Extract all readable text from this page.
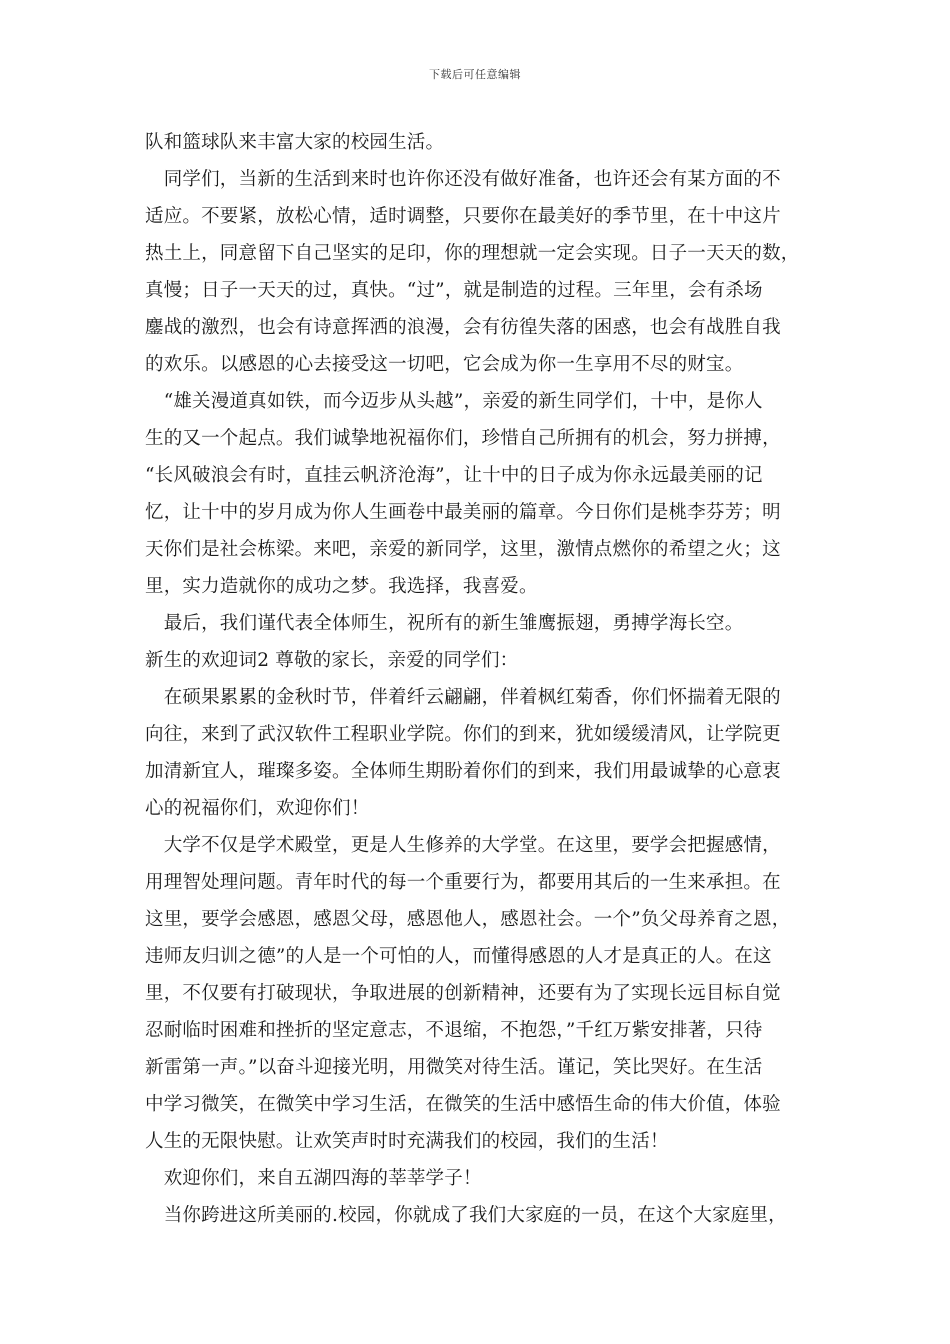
下载后可任意编辑
队和篮球队来丰富大家的校园生活。
　同学们，当新的生活到来时也许你还没有做好准备，也许还会有某方面的不
适应。不要紧，放松心情，适时调整，只要你在最美好的季节里，在十中这片
热土上，同意留下自己坚实的足印，你的理想就一定会实现。日子一天天的数，
真慢；日子一天天的过，真快。“过”，就是制造的过程。三年里，会有杀场
鏖战的激烈，也会有诗意挥洒的浪漫，会有彷徨失落的困惑，也会有战胜自我
的欢乐。以感恩的心去接受这一切吧，它会成为你一生享用不尽的财宝。
　“雄关漫道真如铁，而今迈步从头越”，亲爱的新生同学们，十中，是你人
生的又一个起点。我们诚挚地祝福你们，珍惜自己所拥有的机会，努力拼搏，
“长风破浪会有时，直挂云帆济沧海”，让十中的日子成为你永远最美丽的记
忆，让十中的岁月成为你人生画卷中最美丽的篇章。今日你们是桃李芬芳；明
天你们是社会栋梁。来吧，亲爱的新同学，这里，激情点燃你的希望之火；这
里，实力造就你的成功之梦。我选择，我喜爱。
　最后，我们谨代表全体师生，祝所有的新生雏鹰振翅，勇搏学海长空。
新生的欢迎词2 尊敬的家长，亲爱的同学们：
　在硕果累累的金秋时节，伴着纤云翩翩，伴着枫红菊香，你们怀揣着无限的
向往，来到了武汉软件工程职业学院。你们的到来，犹如缓缓清风，让学院更
加清新宜人，璀璨多姿。全体师生期盼着你们的到来，我们用最诚挚的心意衷
心的祝福你们，欢迎你们！
　大学不仅是学术殿堂，更是人生修养的大学堂。在这里，要学会把握感情，
用理智处理问题。青年时代的每一个重要行为，都要用其后的一生来承担。在
这里，要学会感恩，感恩父母，感恩他人，感恩社会。一个”负父母养育之恩，
违师友归训之德”的人是一个可怕的人，而懂得感恩的人才是真正的人。在这
里，不仅要有打破现状，争取进展的创新精神，还要有为了实现长远目标自觉
忍耐临时困难和挫折的坚定意志，不退缩，不抱怨，”千红万紫安排著，只待
新雷第一声。”以奋斗迎接光明，用微笑对待生活。谨记，笑比哭好。在生活
中学习微笑，在微笑中学习生活，在微笑的生活中感悟生命的伟大价值，体验
人生的无限快慰。让欢笑声时时充满我们的校园，我们的生活！
　欢迎你们，来自五湖四海的莘莘学子！
　当你跨进这所美丽的.校园，你就成了我们大家庭的一员，在这个大家庭里，
